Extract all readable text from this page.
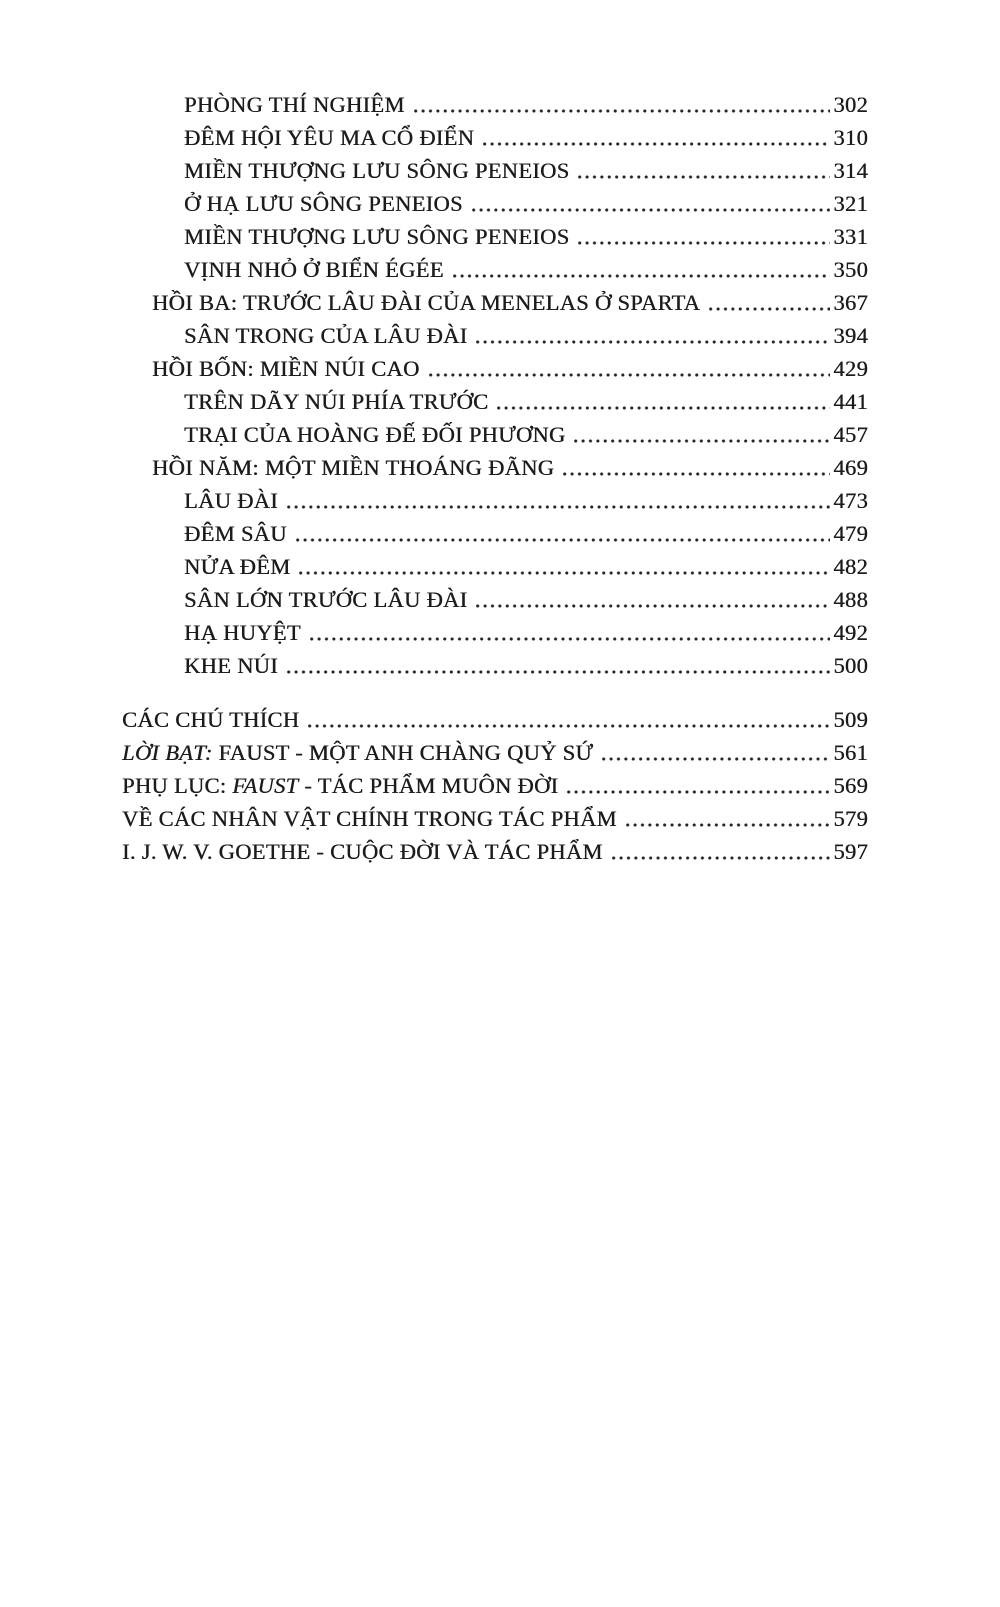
PHÒNG THÍ NGHIỆM	302
ĐÊM HỘI YÊU MA CỔ ĐIỂN	310
MIỀN THƯỢNG LƯU SÔNG PENEIOS	314
Ở HẠ LƯU SÔNG PENEIOS	321
MIỀN THƯỢNG LƯU SÔNG PENEIOS	331
VỊNH NHỎ Ở BIỂN ÉGÉE	350
HỒI BA: TRƯỚC LÂU ĐÀI CỦA MENELAS Ở SPARTA	367
SÂN TRONG CỦA LÂU ĐÀI	394
HỒI BỐN: MIỀN NÚI CAO	429
TRÊN DÃY NÚI PHÍA TRƯỚC	441
TRẠI CỦA HOÀNG ĐẾ ĐỐI PHƯƠNG	457
HỒI NĂM: MỘT MIỀN THOÁNG ĐÃNG	469
LÂU ĐÀI	473
ĐÊM SÂU	479
NỬA ĐÊM	482
SÂN LỚN TRƯỚC LÂU ĐÀI	488
HẠ HUYỆT	492
KHE NÚI	500
CÁC CHÚ THÍCH	509
LỜI BẠT: FAUST - MỘT ANH CHÀNG QUỶ SỨ	561
PHỤ LỤC: FAUST - TÁC PHẨM MUÔN ĐỜI	569
VỀ CÁC NHÂN VẬT CHÍNH TRONG TÁC PHẨM	579
I. J. W. V. GOETHE - CUỘC ĐỜI VÀ TÁC PHẨM	597
